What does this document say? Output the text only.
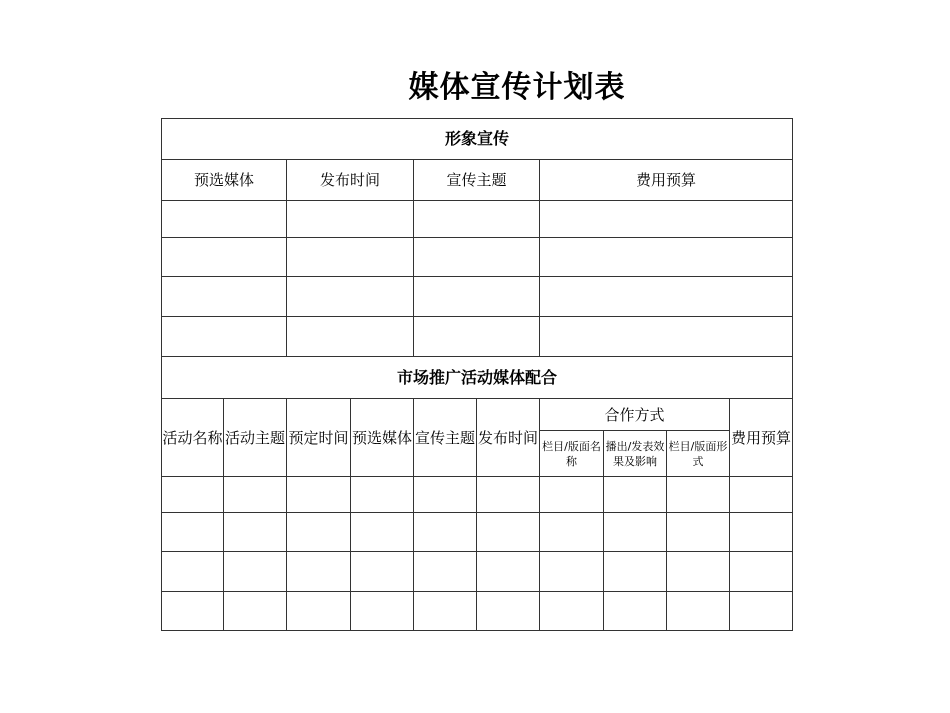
媒体宣传计划表
形象宣传									
预选媒体		发布时间		宣传主题		费用预算			

市场推广活动媒体配合									
活动名称	活动主题	预定时间	预选媒体	宣传主题	发布时间	合作方式			费用预算
						栏目/版面名称	播出/发表效果及影响	栏目/版面形式	
